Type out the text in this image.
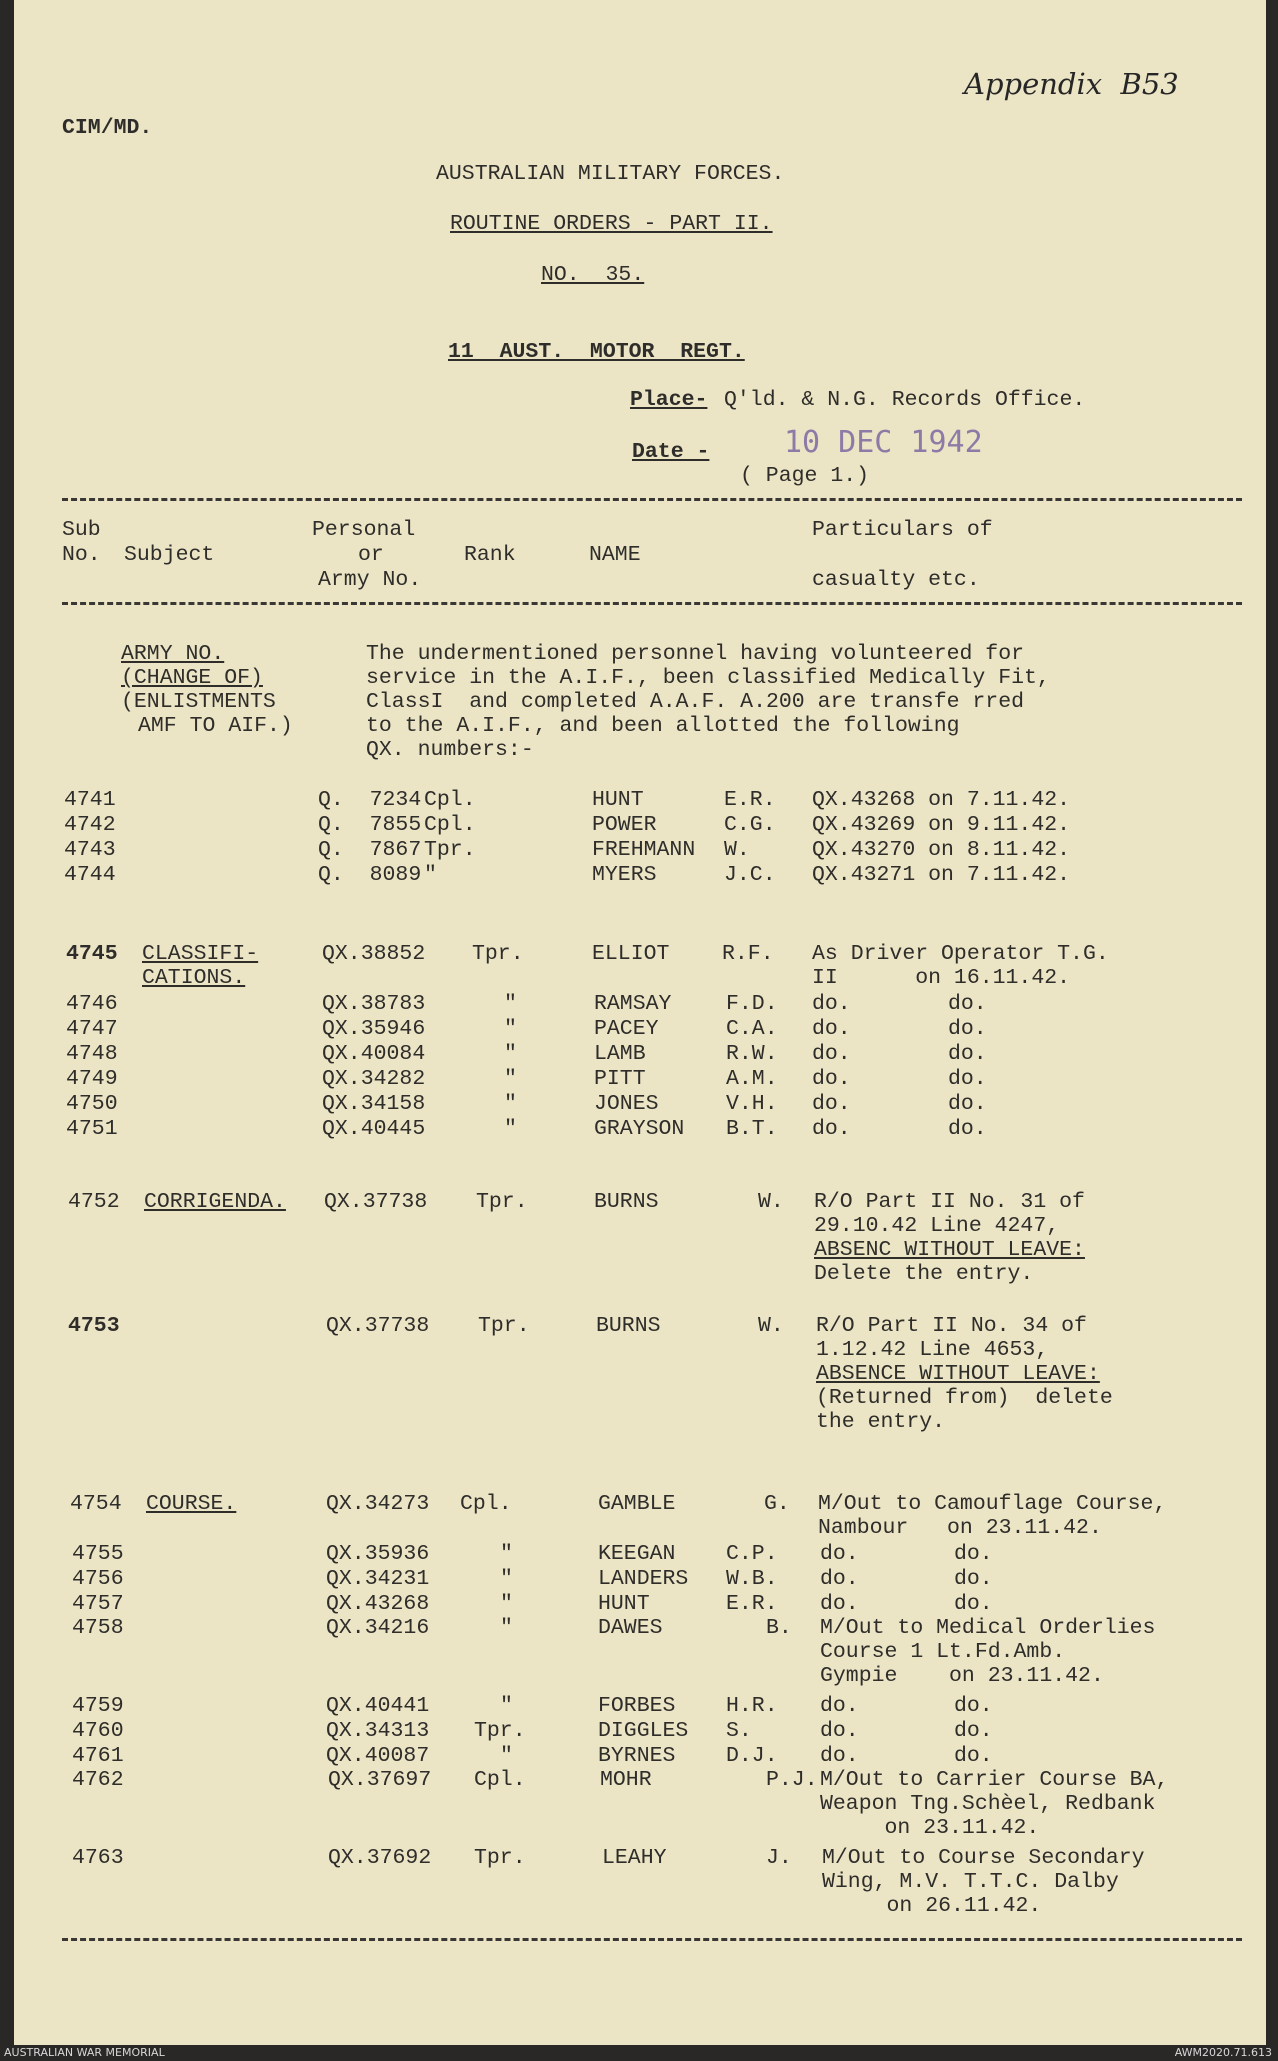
CIM/MD.
Appendix  B53
AUSTRALIAN MILITARY FORCES.
ROUTINE ORDERS - PART II.
NO.  35.
11  AUST.  MOTOR  REGT.
Place- Q'ld. & N.G. Records Office.
Date - 10 DEC 1942
( Page 1.)
Sub
No. Subject
Personal
or
Army No.
Rank	NAME
Particulars of
casualty etc.
ARMY NO.
(CHANGE OF)
(ENLISTMENTS
AMF TO AIF.)
The undermentioned personnel having volunteered for
service in the A.I.F., been classified Medically Fit,
ClassI  and completed A.A.F. A.200 are transfe rred
to the A.I.F., and been allotted the following
QX. numbers:-
4741	Q.  7234 Cpl.	HUNT	E.R. QX.43268 on 7.11.42.
4742	Q.  7855 Cpl.	POWER	C.G. QX.43269 on 9.11.42.
4743	Q.  7867 Tpr.	FREHMANN W.	QX.43270 on 8.11.42.
4744	Q.  8089 "	MYERS	J.C. QX.43271 on 7.11.42.
4745 CLASSIFI-
CATIONS.
QX.38852 Tpr.	ELLIOT R.F. As Driver Operator T.G.
II      on 16.11.42.
4746	QX.38783	"	RAMSAY	F.D. do.	do.
4747	QX.35946	"	PACEY	C.A. do.	do.
4748	QX.40084	"	LAMB	R.W. do.	do.
4749	QX.34282	"	PITT	A.M. do.	do.
4750	QX.34158	"	JONES	V.H. do.	do.
4751	QX.40445	"	GRAYSON B.T. do.	do.
4752 CORRIGENDA. QX.37738 Tpr.	BURNS	W. R/O Part II No. 31 of
29.10.42 Line 4247,
ABSENC WITHOUT LEAVE:
Delete the entry.
4753	QX.37738 Tpr.	BURNS	W. R/O Part II No. 34 of
1.12.42 Line 4653,
ABSENCE WITHOUT LEAVE:
(Returned from)  delete
the entry.
4754 COURSE.	QX.34273 Cpl.	GAMBLE	G. M/Out to Camouflage Course,
Nambour   on 23.11.42.
4755	QX.35936	"	KEEGAN C.P. do.	do.
4756	QX.34231	"	LANDERS W.B. do.	do.
4757	QX.43268	"	HUNT	E.R. do.	do.
4758	QX.34216	"	DAWES	B. M/Out to Medical Orderlies
Course 1 Lt.Fd.Amb.
Gympie    on 23.11.42.
4759	QX.40441	"	FORBES H.R. do.	do.
4760	QX.34313 Tpr.	DIGGLES S.	do.	do.
4761	QX.40087	"	BYRNES D.J. do.	do.
4762	QX.37697 Cpl.	MOHR	P.J. M/Out to Carrier Course BA,
Weapon Tng.Schèel, Redbank
on 23.11.42.
4763	QX.37692 Tpr.	LEAHY	J. M/Out to Course Secondary
Wing, M.V. T.T.C. Dalby
on 26.11.42.
AUSTRALIAN WAR MEMORIAL	AWM2020.71.613
